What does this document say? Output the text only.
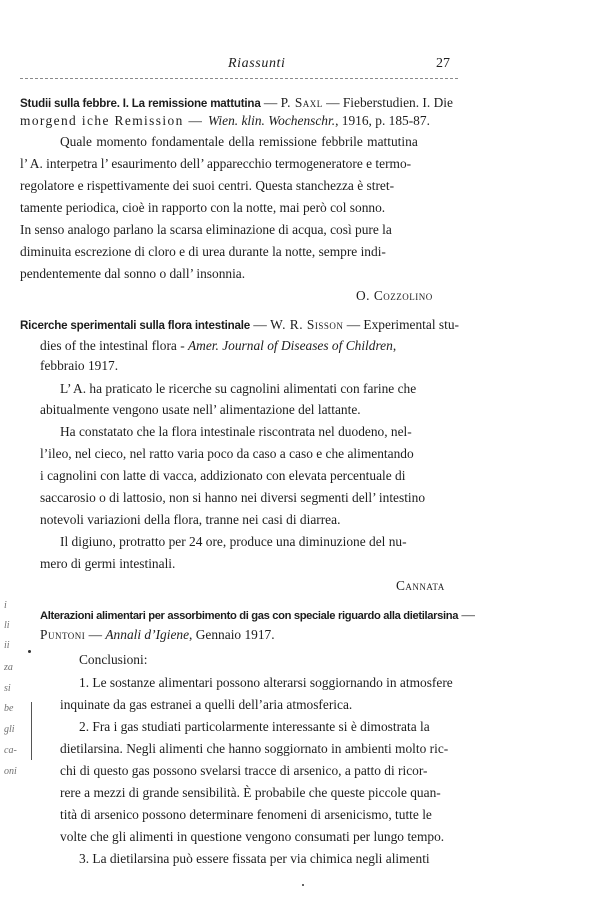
Riassunti	27
Studii sulla febbre. I. La remissione mattutina — P. Saxl — Fieberstudien. I. Die
morgend iche Remission — Wien. klin. Wochenschr., 1916, p. 185-87.
Quale momento fondamentale della remissione febbrile mattutina
l’ A. interpetra l’ esaurimento dell’ apparecchio termogeneratore e termo-
regolatore e rispettivamente dei suoi centri. Questa stanchezza è stret-
tamente periodica, cioè in rapporto con la notte, mai però col sonno.
In senso analogo parlano la scarsa eliminazione di acqua, così pure la
diminuita escrezione di cloro e di urea durante la notte, sempre indi-
pendentemente dal sonno o dall’ insonnia.
O. Cozzolino
Ricerche sperimentali sulla flora intestinale — W. R. Sisson — Experimental stu-
dies of the intestinal flora - Amer. Journal of Diseases of Children,
febbraio 1917.
L’ A. ha praticato le ricerche su cagnolini alimentati con farine che
abitualmente vengono usate nell’ alimentazione del lattante.
Ha constatato che la flora intestinale riscontrata nel duodeno, nel-
l’ileo, nel cieco, nel ratto varia poco da caso a caso e che alimentando
i cagnolini con latte di vacca, addizionato con elevata percentuale di
saccarosio o di lattosio, non si hanno nei diversi segmenti dell’ intestino
notevoli variazioni della flora, tranne nei casi di diarrea.
Il digiuno, protratto per 24 ore, produce una diminuzione del nu-
mero di germi intestinali.
Cannata
Alterazioni alimentari per assorbimento di gas con speciale riguardo alla dietilarsina —
Puntoni — Annali d’Igiene, Gennaio 1917.
Conclusioni:
1. Le sostanze alimentari possono alterarsi soggiornando in atmosfere
inquinate da gas estranei a quelli dell’aria atmosferica.
2. Fra i gas studiati particolarmente interessante si è dimostrata la
dietilarsina. Negli alimenti che hanno soggiornato in ambienti molto ric-
chi di questo gas possono svelarsi tracce di arsenico, a patto di ricor-
rere a mezzi di grande sensibilità. È probabile che queste piccole quan-
tità di arsenico possono determinare fenomeni di arsenicismo, tutte le
volte che gli alimenti in questione vengono consumati per lungo tempo.
3. La dietilarsina può essere fissata per via chimica negli alimenti
i
li
ii
za
si
be
gli
ca-
oni
